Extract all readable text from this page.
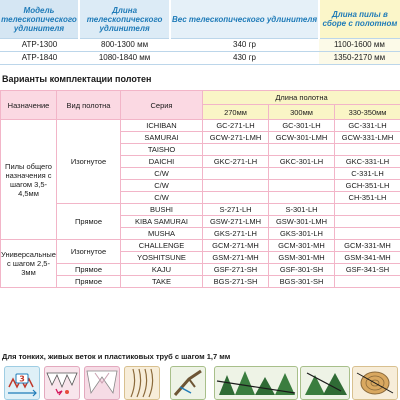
Модель телескопического удлинителя	Длина телескопического удлинителя	Вес телескопического удлинителя	Длина пилы в сборе с полотном
ATP-1300	800-1300 мм	340 гр	1100-1600 мм
ATP-1840	1080-1840 мм	430 гр	1350-2170 мм
Варианты комплектации полотен
Назначение	Вид полотна	Серия	Длина полотна		
			270мм	300мм	330-350мм
Пилы общего назначения с шагом 3,5-4,5мм	Изогнутое	ICHIBAN	GC-271-LH	GC-301-LH	GC-331-LH
		SAMURAI	GCW-271-LMH	GCW-301-LMH	GCW-331-LMH
		TAISHO			
		DAICHI	GKC-271-LH	GKC-301-LH	GKC-331-LH
		C/W			C-331-LH
		C/W			GCH-351-LH
		C/W			CH-351-LH
	Прямое	BUSHI	S-271-LH	S-301-LH	
		KIBA SAMURAI	GSW-271-LMH	GSW-301-LMH	
		MUSHA	GKS-271-LH	GKS-301-LH	
Универсальные с шагом 2,5-3мм	Изогнутое	CHALLENGE	GCM-271-MH	GCM-301-MH	GCM-331-MH
		YOSHITSUNE	GSM-271-MH	GSM-301-MH	GSM-341-MH
	Прямое	KAJU	GSF-271-SH	GSF-301-SH	GSF-341-SH
	Прямое	TAKE	BGS-271-SH	BGS-301-SH	
Для тонких, живых веток и пластиковых труб с шагом 1,7 мм
3
